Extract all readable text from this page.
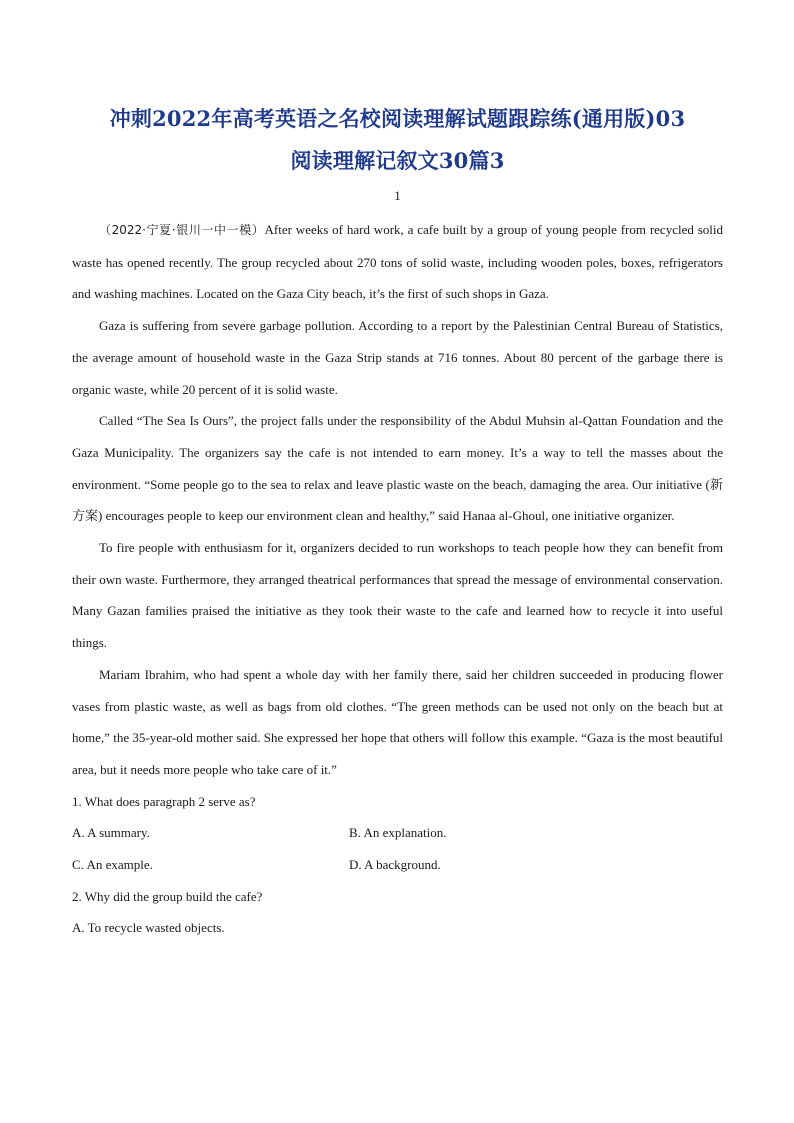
冲刺2022年高考英语之名校阅读理解试题跟踪练(通用版)03
阅读理解记叙文30篇3
1

（2022·宁夏·银川一中一模）After weeks of hard work, a cafe built by a group of young people from recycled solid waste has opened recently. The group recycled about 270 tons of solid waste, including wooden poles, boxes, refrigerators and washing machines. Located on the Gaza City beach, it’s the first of such shops in Gaza.

Gaza is suffering from severe garbage pollution. According to a report by the Palestinian Central Bureau of Statistics, the average amount of household waste in the Gaza Strip stands at 716 tonnes. About 80 percent of the garbage there is organic waste, while 20 percent of it is solid waste.

Called “The Sea Is Ours”, the project falls under the responsibility of the Abdul Muhsin al-Qattan Foundation and the Gaza Municipality. The organizers say the cafe is not intended to earn money. It’s a way to tell the masses about the environment. “Some people go to the sea to relax and leave plastic waste on the beach, damaging the area. Our initiative (新方案) encourages people to keep our environment clean and healthy,” said Hanaa al-Ghoul, one initiative organizer.

To fire people with enthusiasm for it, organizers decided to run workshops to teach people how they can benefit from their own waste. Furthermore, they arranged theatrical performances that spread the message of environmental conservation. Many Gazan families praised the initiative as they took their waste to the cafe and learned how to recycle it into useful things.

Mariam Ibrahim, who had spent a whole day with her family there, said her children succeeded in producing flower vases from plastic waste, as well as bags from old clothes. “The green methods can be used not only on the beach but at home,” the 35-year-old mother said. She expressed her hope that others will follow this example. “Gaza is the most beautiful area, but it needs more people who take care of it.”

1. What does paragraph 2 serve as?

A. A summary.	B. An explanation.
C. An example.	D. A background.

2. Why did the group build the cafe?

A. To recycle wasted objects.
